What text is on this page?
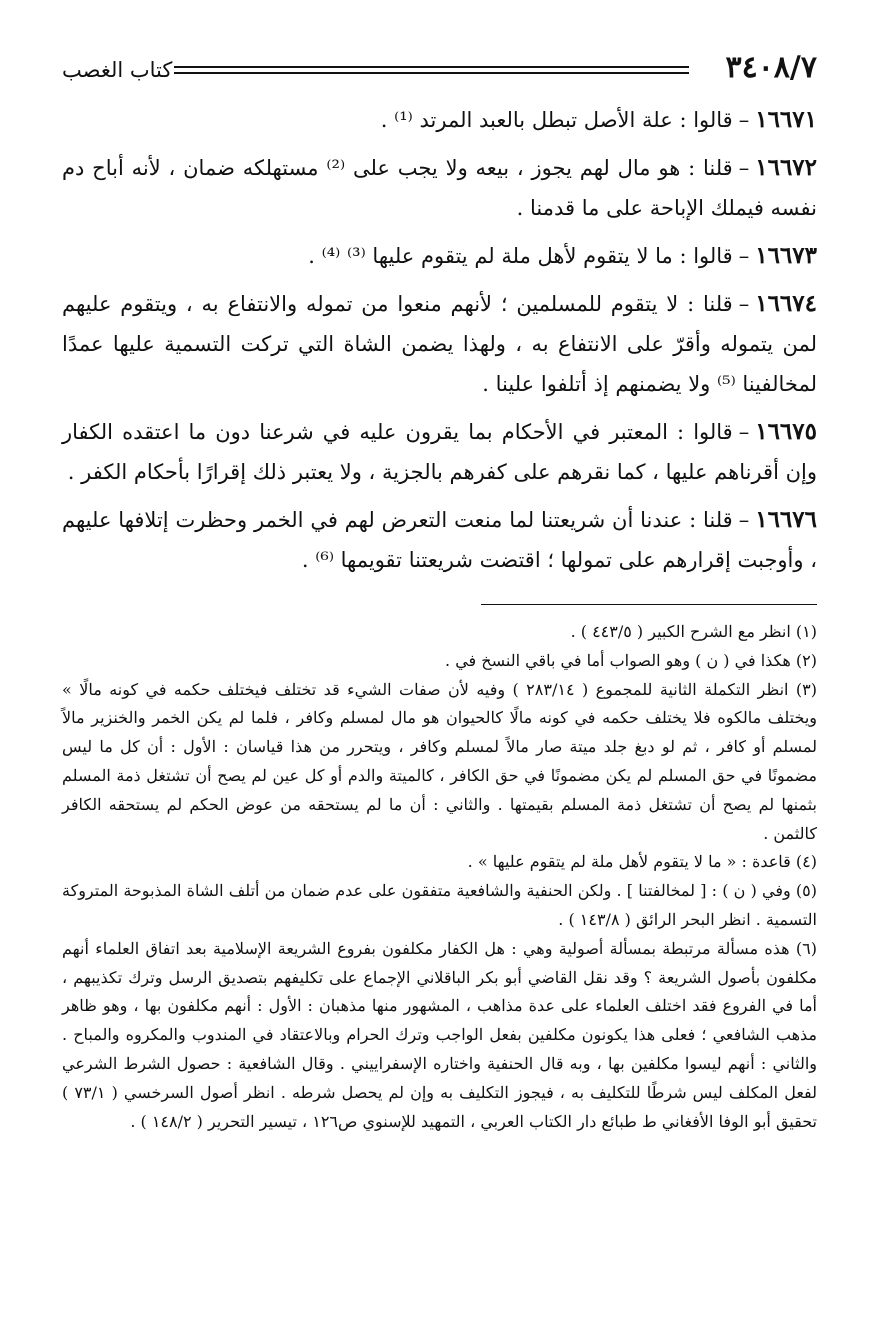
٣٤٠٨/٧
كتاب الغصب

١٦٦٧١–قالوا : علة الأصل تبطل بالعبد المرتد ⁽¹⁾ .

١٦٦٧٢–قلنا : هو مال لهم يجوز ، بيعه ولا يجب على ⁽²⁾ مستهلكه ضمان ، لأنه أباح دم نفسه فيملك الإباحة على ما قدمنا .

١٦٦٧٣–قالوا : ما لا يتقوم لأهل ملة لم يتقوم عليها ⁽³⁾ ⁽⁴⁾ .

١٦٦٧٤–قلنا : لا يتقوم للمسلمين ؛ لأنهم منعوا من تموله والانتفاع به ، ويتقوم عليهم لمن يتموله وأقرّ على الانتفاع به ، ولهذا يضمن الشاة التي تركت التسمية عليها عمدًا لمخالفينا ⁽⁵⁾ ولا يضمنهم إذ أتلفوا علينا .

١٦٦٧٥–قالوا : المعتبر في الأحكام بما يقرون عليه في شرعنا دون ما اعتقده الكفار وإن أقرناهم عليها ، كما نقرهم على كفرهم بالجزية ، ولا يعتبر ذلك إقرارًا بأحكام الكفر .

١٦٦٧٦–قلنا : عندنا أن شريعتنا لما منعت التعرض لهم في الخمر وحظرت إتلافها عليهم ، وأوجبت إقرارهم على تمولها ؛ اقتضت شريعتنا تقويمها ⁽⁶⁾ .

(١) انظر مع الشرح الكبير ( ٤٤٣/٥ ) .

(٢) هكذا في ( ن ) وهو الصواب أما في باقي النسخ في .

(٣) انظر التكملة الثانية للمجموع ( ٢٨٣/١٤ ) وفيه لأن صفات الشيء قد تختلف فيختلف حكمه في كونه مالًا » ويختلف مالكوه فلا يختلف حكمه في كونه مالًا كالحيوان هو مال لمسلم وكافر ، فلما لم يكن الخمر والخنزير مالاً لمسلم أو كافر ، ثم لو دبغ جلد ميتة صار مالاً لمسلم وكافر ، ويتحرر من هذا قياسان : الأول : أن كل ما ليس مضمونًا في حق المسلم لم يكن مضمونًا في حق الكافر ، كالميتة والدم أو كل عين لم يصح أن تشتغل ذمة المسلم بثمنها لم يصح أن تشتغل ذمة المسلم بقيمتها . والثاني : أن ما لم يستحقه من عوض الحكم لم يستحقه الكافر كالثمن .

(٤) قاعدة : « ما لا يتقوم لأهل ملة لم يتقوم عليها » .

(٥) وفي ( ن ) : [ لمخالفتنا ] . ولكن الحنفية والشافعية متفقون على عدم ضمان من أتلف الشاة المذبوحة المتروكة التسمية . انظر البحر الرائق ( ١٤٣/٨ ) .

(٦) هذه مسألة مرتبطة بمسألة أصولية وهي : هل الكفار مكلفون بفروع الشريعة الإسلامية بعد اتفاق العلماء أنهم مكلفون بأصول الشريعة ؟ وقد نقل القاضي أبو بكر الباقلاني الإجماع على تكليفهم بتصديق الرسل وترك تكذيبهم ، أما في الفروع فقد اختلف العلماء على عدة مذاهب ، المشهور منها مذهبان : الأول : أنهم مكلفون بها ، وهو ظاهر مذهب الشافعي ؛ فعلى هذا يكونون مكلفين بفعل الواجب وترك الحرام وبالاعتقاد في المندوب والمكروه والمباح . والثاني : أنهم ليسوا مكلفين بها ، وبه قال الحنفية واختاره الإسفراييني . وقال الشافعية : حصول الشرط الشرعي لفعل المكلف ليس شرطًا للتكليف به ، فيجوز التكليف به وإن لم يحصل شرطه . انظر أصول السرخسي ( ٧٣/١ ) تحقيق أبو الوفا الأفغاني ط طبائع دار الكتاب العربي ، التمهيد للإسنوي ص١٢٦ ، تيسير التحرير ( ١٤٨/٢ ) .
